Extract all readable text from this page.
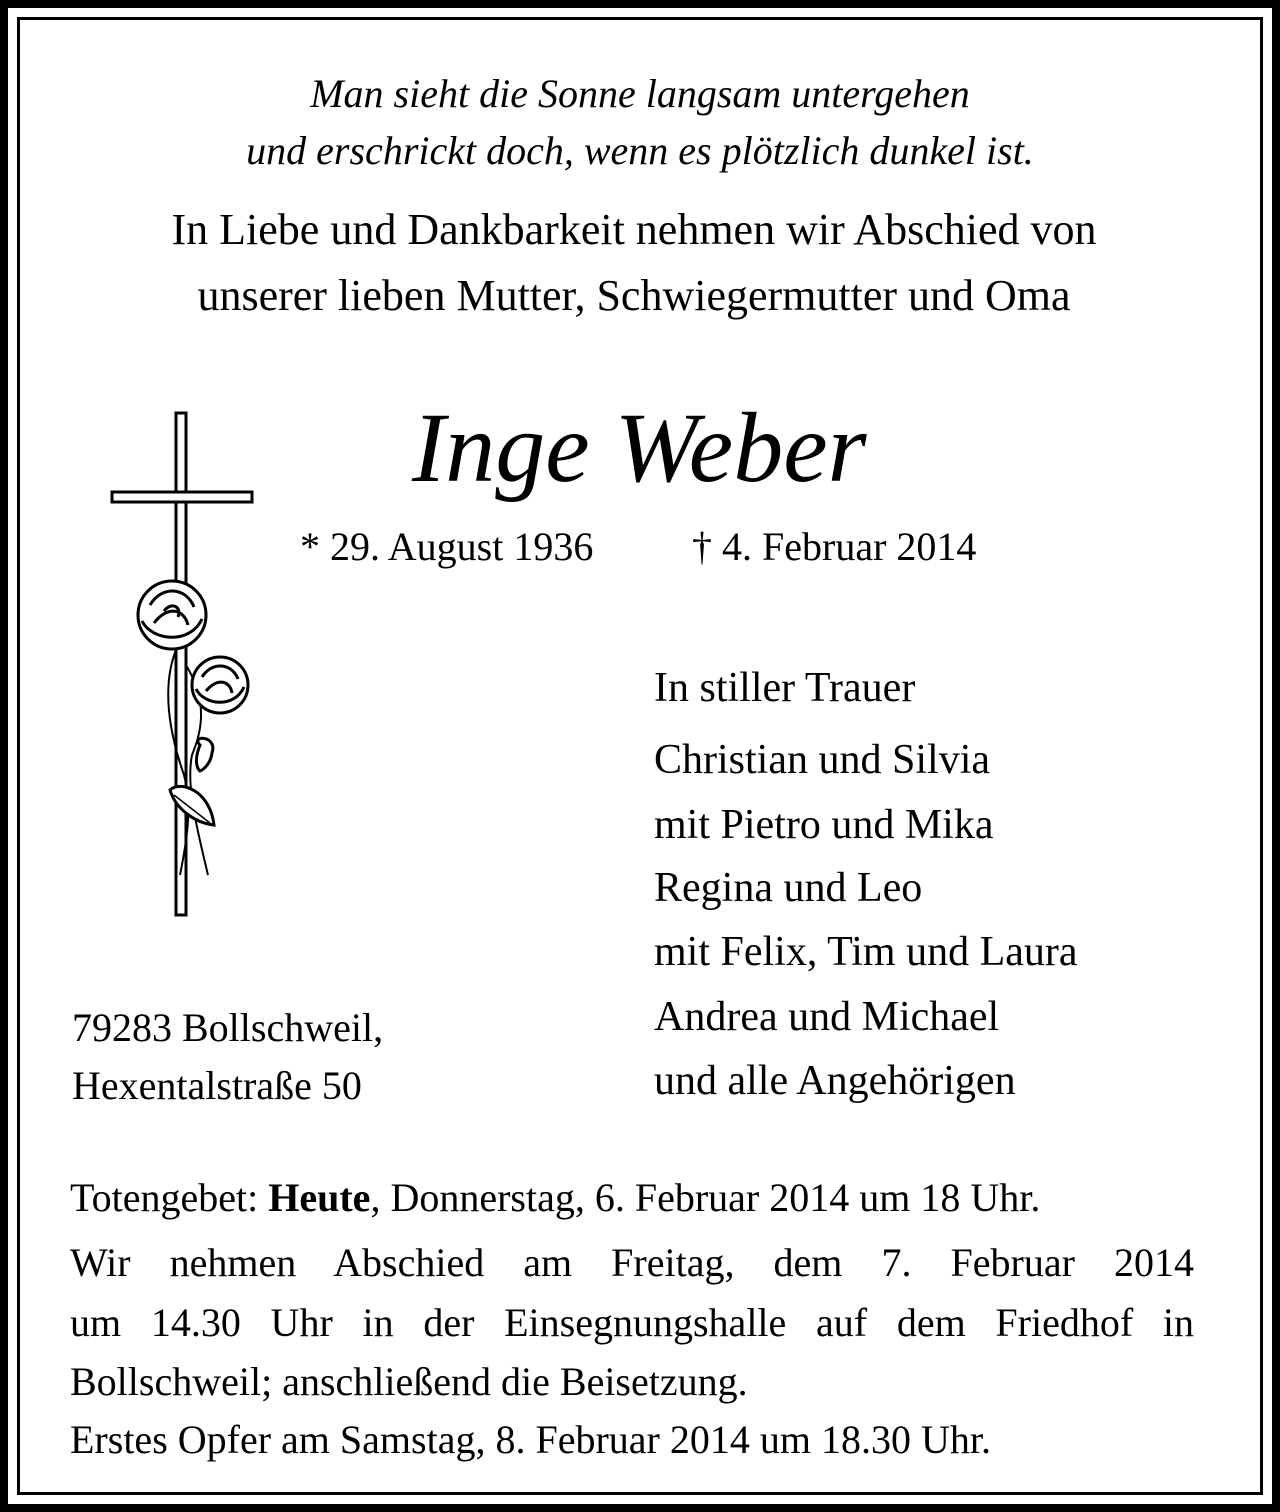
Man sieht die Sonne langsam untergehen
und erschrickt doch, wenn es plötzlich dunkel ist.
In Liebe und Dankbarkeit nehmen wir Abschied von
unserer lieben Mutter, Schwiegermutter und Oma
Inge Weber
* 29. August 1936 † 4. Februar 2014
In stiller Trauer
Christian und Silvia
mit Pietro und Mika
Regina und Leo
mit Felix, Tim und Laura
Andrea und Michael
und alle Angehörigen
79283 Bollschweil,
Hexentalstraße 50
Totengebet: Heute, Donnerstag, 6. Februar 2014 um 18 Uhr.
Wir nehmen Abschied am Freitag, dem 7. Februar 2014
um 14.30 Uhr in der Einsegnungshalle auf dem Friedhof in
Bollschweil; anschließend die Beisetzung.
Erstes Opfer am Samstag, 8. Februar 2014 um 18.30 Uhr.
